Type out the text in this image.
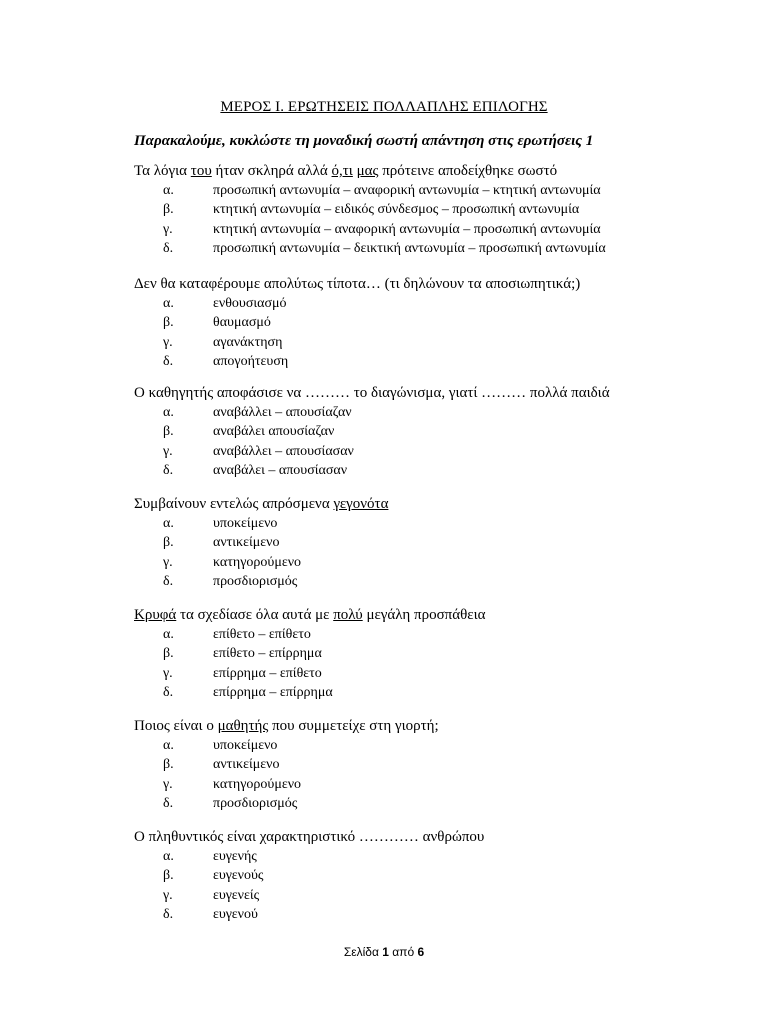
ΜΕΡΟΣ Ι. ΕΡΩΤΗΣΕΙΣ ΠΟΛΛΑΠΛΗΣ ΕΠΙΛΟΓΗΣ
Παρακαλούμε, κυκλώστε τη μοναδική σωστή απάντηση στις ερωτήσεις 1
Τα λόγια του ήταν σκληρά αλλά ό,τι μας πρότεινε αποδείχθηκε σωστό
α.	προσωπική αντωνυμία – αναφορική αντωνυμία – κτητική αντωνυμία
β.	κτητική αντωνυμία – ειδικός σύνδεσμος – προσωπική αντωνυμία
γ.	κτητική αντωνυμία – αναφορική αντωνυμία – προσωπική αντωνυμία
δ.	προσωπική αντωνυμία – δεικτική αντωνυμία – προσωπική αντωνυμία
Δεν θα καταφέρουμε απολύτως τίποτα… (τι δηλώνουν τα αποσιωπητικά;)
α.	ενθουσιασμό
β.	θαυμασμό
γ.	αγανάκτηση
δ.	απογοήτευση
Ο καθηγητής αποφάσισε να ……… το διαγώνισμα, γιατί ……… πολλά παιδιά
α.	αναβάλλει – απουσίαζαν
β.	αναβάλει απουσίαζαν
γ.	αναβάλλει – απουσίασαν
δ.	αναβάλει – απουσίασαν
Συμβαίνουν εντελώς απρόσμενα γεγονότα
α.	υποκείμενο
β.	αντικείμενο
γ.	κατηγορούμενο
δ.	προσδιορισμός
Κρυφά τα σχεδίασε όλα αυτά με πολύ μεγάλη προσπάθεια
α.	επίθετο – επίθετο
β.	επίθετο – επίρρημα
γ.	επίρρημα – επίθετο
δ.	επίρρημα – επίρρημα
Ποιος είναι ο μαθητής που συμμετείχε στη γιορτή;
α.	υποκείμενο
β.	αντικείμενο
γ.	κατηγορούμενο
δ.	προσδιορισμός
Ο πληθυντικός είναι χαρακτηριστικό ………… ανθρώπου
α.	ευγενής
β.	ευγενούς
γ.	ευγενείς
δ.	ευγενού
Σελίδα 1 από 6
